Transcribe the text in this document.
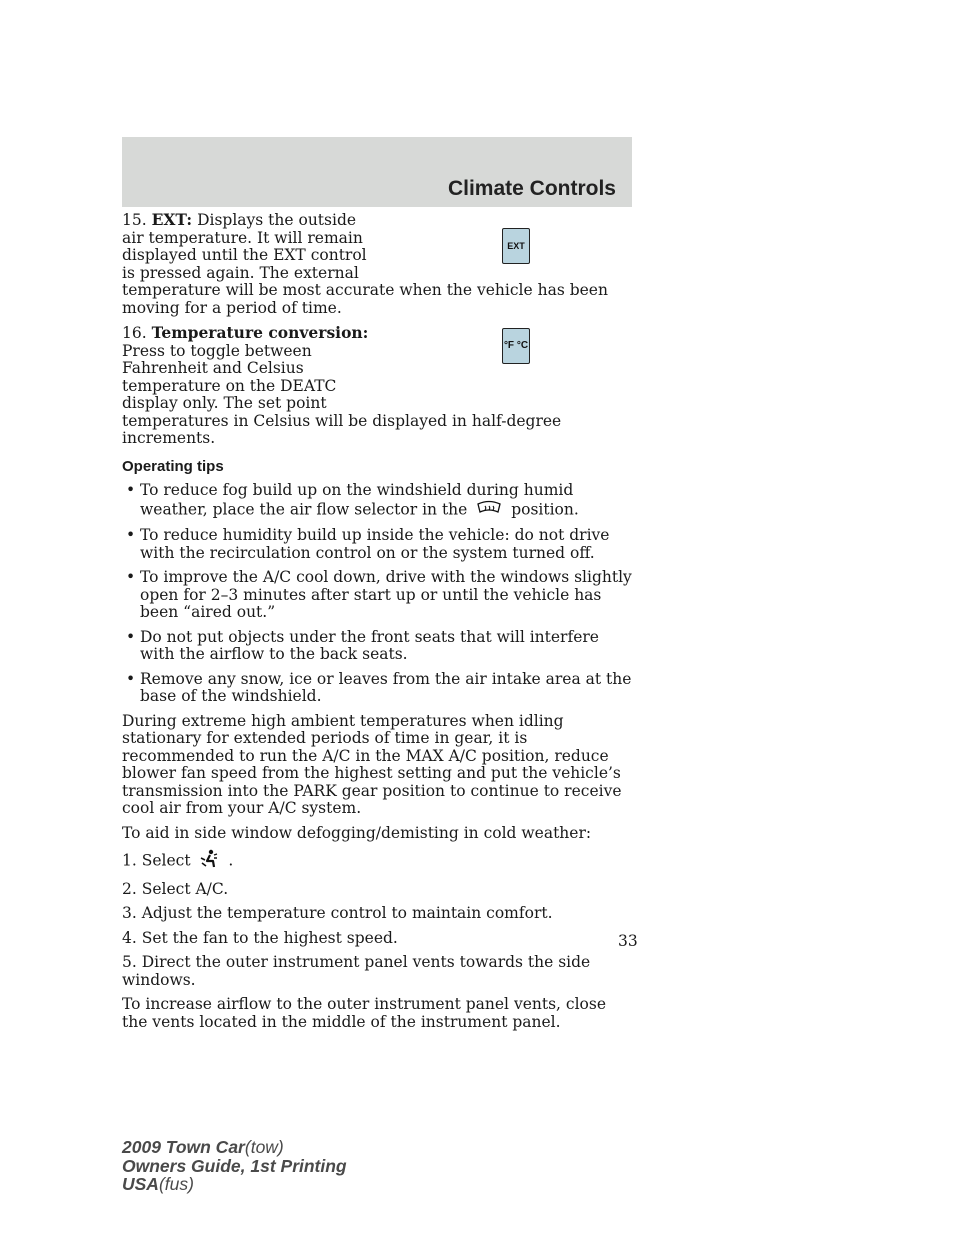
Climate Controls
EXT
15. EXT: Displays the outside air temperature. It will remain displayed until the EXT control is pressed again. The external
temperature will be most accurate when the vehicle has been moving for a period of time.
°F °C
16. Temperature conversion:
Press to toggle between Fahrenheit and Celsius temperature on the DEATC display only. The set point
temperatures in Celsius will be displayed in half-degree increments.
Operating tips
• To reduce fog build up on the windshield during humid weather, place the air flow selector in the	position.
• To reduce humidity build up inside the vehicle: do not drive with the recirculation control on or the system turned off.
• To improve the A/C cool down, drive with the windows slightly open for 2–3 minutes after start up or until the vehicle has been “aired out.”
• Do not put objects under the front seats that will interfere with the airflow to the back seats.
• Remove any snow, ice or leaves from the air intake area at the base of the windshield.

During extreme high ambient temperatures when idling stationary for extended periods of time in gear, it is recommended to run the A/C in the MAX A/C position, reduce blower fan speed from the highest setting and put the vehicle’s transmission into the PARK gear position to continue to receive cool air from your A/C system.

To aid in side window defogging/demisting in cold weather:

1. Select .

2. Select A/C.

3. Adjust the temperature control to maintain comfort.

4. Set the fan to the highest speed.

5. Direct the outer instrument panel vents towards the side windows.

To increase airflow to the outer instrument panel vents, close the vents located in the middle of the instrument panel.

33
2009 Town Car(tow)
Owners Guide, 1st Printing
USA(fus)
